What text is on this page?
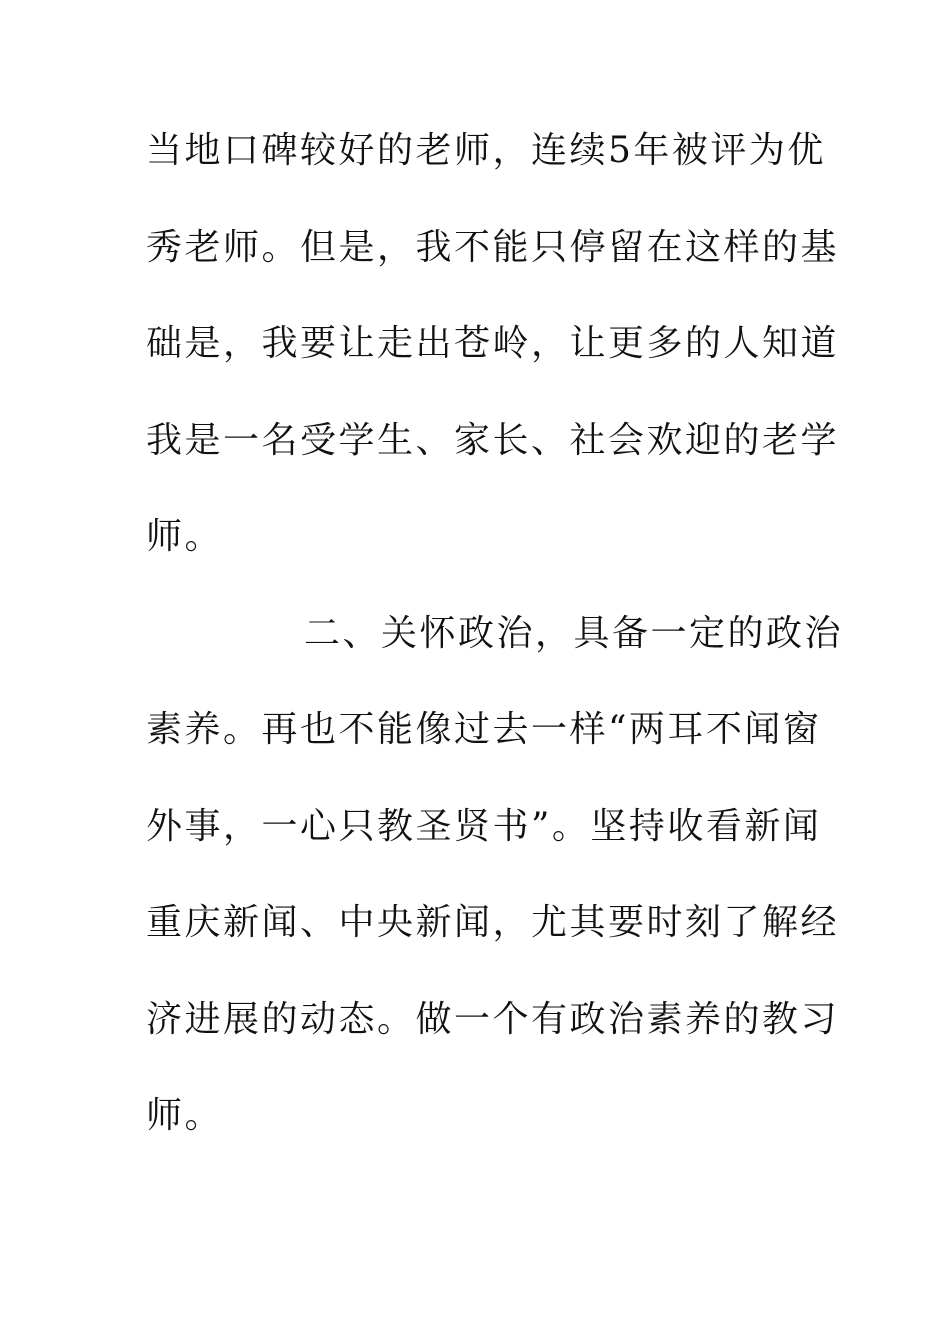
当地口碑较好的老师，连续5年被评为优
秀老师。但是，我不能只停留在这样的基
础是，我要让走出苍岭，让更多的人知道
我是一名受学生、家长、社会欢迎的老学
师。
二、关怀政治，具备一定的政治
素养。再也不能像过去一样“两耳不闻窗
外事，一心只教圣贤书”。坚持收看新闻
重庆新闻、中央新闻，尤其要时刻了解经
济进展的动态。做一个有政治素养的教习
师。
